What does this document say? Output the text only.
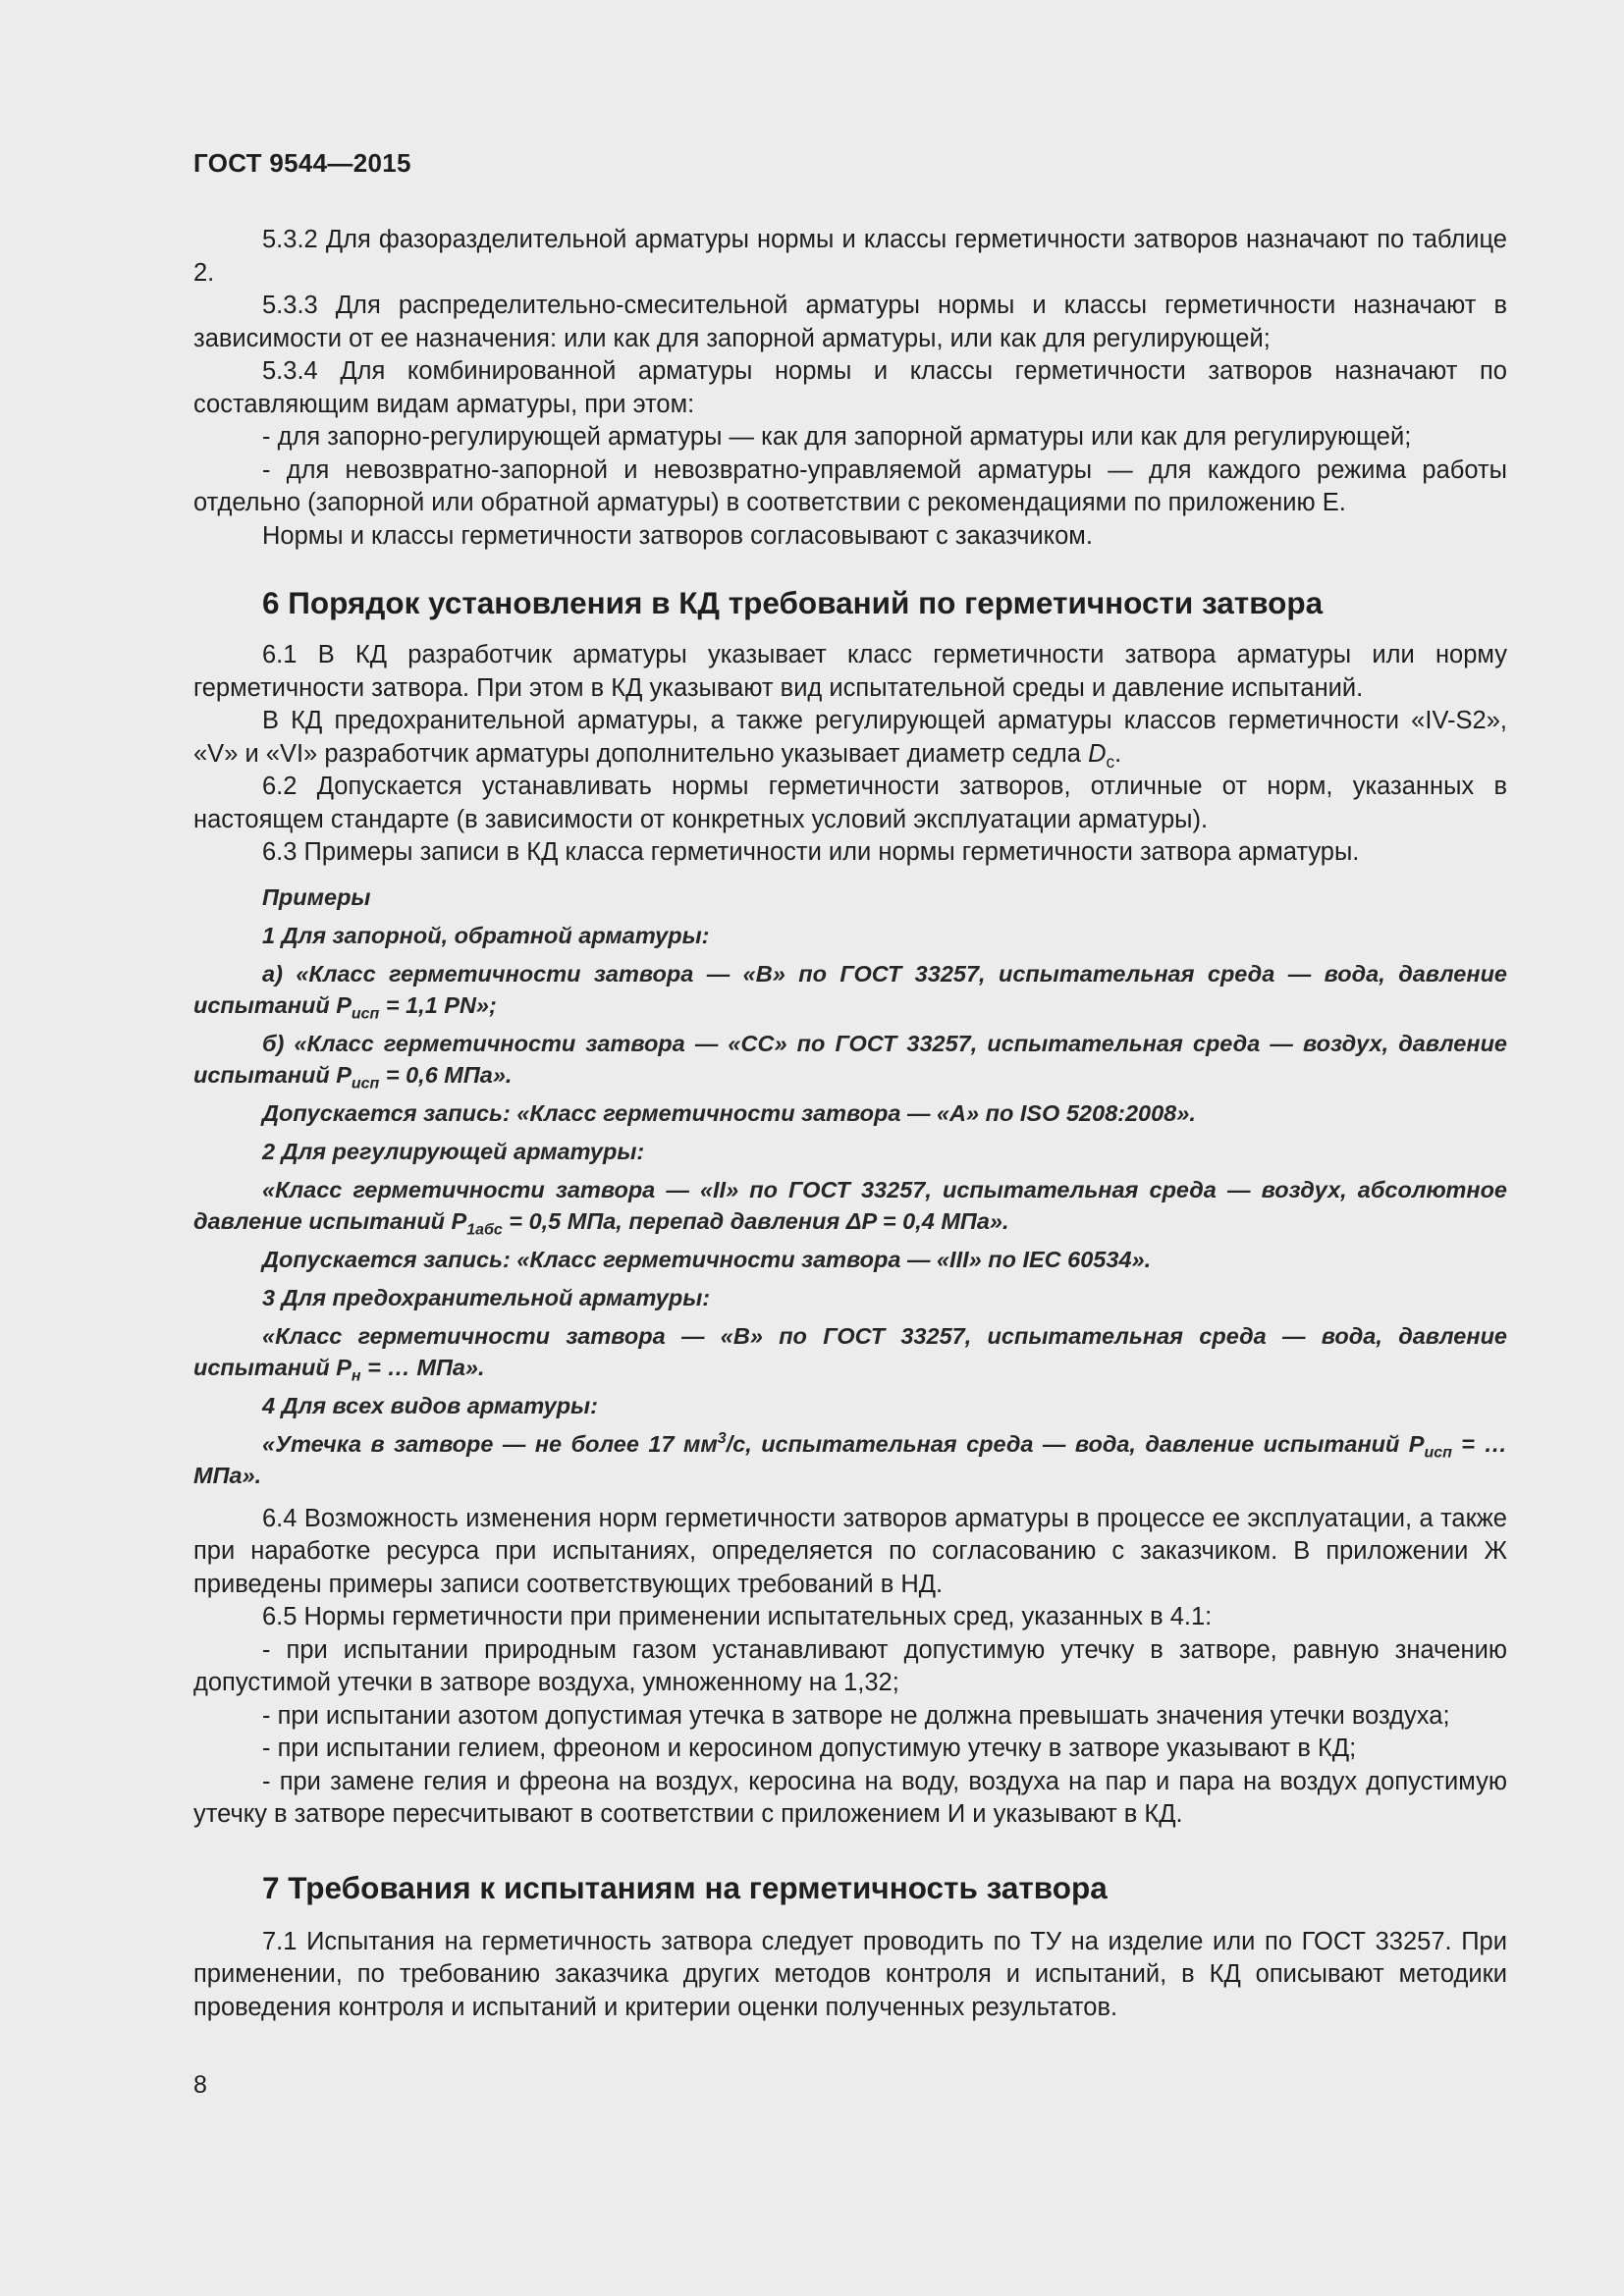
ГОСТ 9544—2015

5.3.2 Для фазоразделительной арматуры нормы и классы герметичности затворов назначают по таблице 2.

5.3.3 Для распределительно-смесительной арматуры нормы и классы герметичности назначают в зависимости от ее назначения: или как для запорной арматуры, или как для регулирующей;

5.3.4 Для комбинированной арматуры нормы и классы герметичности затворов назначают по составляющим видам арматуры, при этом:

- для запорно-регулирующей арматуры — как для запорной арматуры или как для регулирующей;

- для невозвратно-запорной и невозвратно-управляемой арматуры — для каждого режима работы отдельно (запорной или обратной арматуры) в соответствии с рекомендациями по приложению Е.

Нормы и классы герметичности затворов согласовывают с заказчиком.

6 Порядок установления в КД требований по герметичности затвора

6.1 В КД разработчик арматуры указывает класс герметичности затвора арматуры или норму герметичности затвора. При этом в КД указывают вид испытательной среды и давление испытаний.

В КД предохранительной арматуры, а также регулирующей арматуры классов герметичности «IV-S2», «V» и «VI» разработчик арматуры дополнительно указывает диаметр седла $D_c$.

6.2 Допускается устанавливать нормы герметичности затворов, отличные от норм, указанных в настоящем стандарте (в зависимости от конкретных условий эксплуатации арматуры).

6.3 Примеры записи в КД класса герметичности или нормы герметичности затвора арматуры.

Примеры

1 Для запорной, обратной арматуры:

а) «Класс герметичности затвора — «В» по ГОСТ 33257, испытательная среда — вода, давление испытаний $P_{исп} = 1,1$ PN»;

б) «Класс герметичности затвора — «СС» по ГОСТ 33257, испытательная среда — воздух, давление испытаний $P_{исп} = 0,6$ МПа».

Допускается запись: «Класс герметичности затвора — «А» по ISO 5208:2008».

2 Для регулирующей арматуры:

«Класс герметичности затвора — «II» по ГОСТ 33257, испытательная среда — воздух, абсолютное давление испытаний $P_{1абс} = 0,5$ МПа, перепад давления ΔP = 0,4 МПа».

Допускается запись: «Класс герметичности затвора — «III» по IEC 60534».

3 Для предохранительной арматуры:

«Класс герметичности затвора — «В» по ГОСТ 33257, испытательная среда — вода, давление испытаний $P_н$ = … МПа».

4 Для всех видов арматуры:

«Утечка в затворе — не более 17 $мм^3/с$, испытательная среда — вода, давление испытаний $P_{исп}$ = … МПа».

6.4 Возможность изменения норм герметичности затворов арматуры в процессе ее эксплуатации, а также при наработке ресурса при испытаниях, определяется по согласованию с заказчиком. В приложении Ж приведены примеры записи соответствующих требований в НД.

6.5 Нормы герметичности при применении испытательных сред, указанных в 4.1:

- при испытании природным газом устанавливают допустимую утечку в затворе, равную значению допустимой утечки в затворе воздуха, умноженному на 1,32;

- при испытании азотом допустимая утечка в затворе не должна превышать значения утечки воздуха;

- при испытании гелием, фреоном и керосином допустимую утечку в затворе указывают в КД;

- при замене гелия и фреона на воздух, керосина на воду, воздуха на пар и пара на воздух допустимую утечку в затворе пересчитывают в соответствии с приложением И и указывают в КД.

7 Требования к испытаниям на герметичность затвора

7.1 Испытания на герметичность затвора следует проводить по ТУ на изделие или по ГОСТ 33257. При применении, по требованию заказчика других методов контроля и испытаний, в КД описывают методики проведения контроля и испытаний и критерии оценки полученных результатов.

8
